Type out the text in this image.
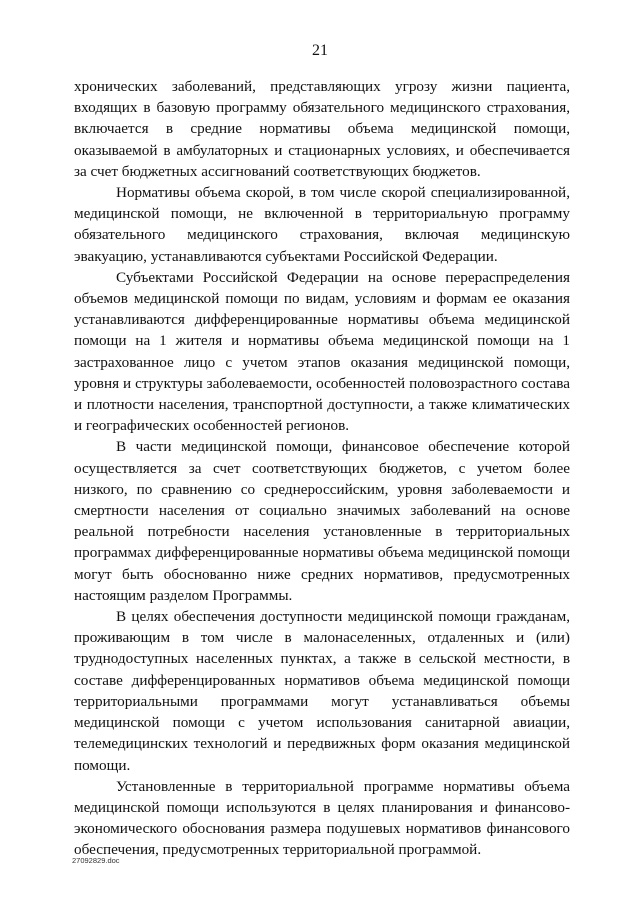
21

хронических заболеваний, представляющих угрозу жизни пациента, входящих в базовую программу обязательного медицинского страхования, включается в средние нормативы объема медицинской помощи, оказываемой в амбулаторных и стационарных условиях, и обеспечивается за счет бюджетных ассигнований соответствующих бюджетов.

Нормативы объема скорой, в том числе скорой специализированной, медицинской помощи, не включенной в территориальную программу обязательного медицинского страхования, включая медицинскую эвакуацию, устанавливаются субъектами Российской Федерации.

Субъектами Российской Федерации на основе перераспределения объемов медицинской помощи по видам, условиям и формам ее оказания устанавливаются дифференцированные нормативы объема медицинской помощи на 1 жителя и нормативы объема медицинской помощи на 1 застрахованное лицо с учетом этапов оказания медицинской помощи, уровня и структуры заболеваемости, особенностей половозрастного состава и плотности населения, транспортной доступности, а также климатических и географических особенностей регионов.

В части медицинской помощи, финансовое обеспечение которой осуществляется за счет соответствующих бюджетов, с учетом более низкого, по сравнению со среднероссийским, уровня заболеваемости и смертности населения от социально значимых заболеваний на основе реальной потребности населения установленные в территориальных программах дифференцированные нормативы объема медицинской помощи могут быть обоснованно ниже средних нормативов, предусмотренных настоящим разделом Программы.

В целях обеспечения доступности медицинской помощи гражданам, проживающим в том числе в малонаселенных, отдаленных и (или) труднодоступных населенных пунктах, а также в сельской местности, в составе дифференцированных нормативов объема медицинской помощи территориальными программами могут устанавливаться объемы медицинской помощи с учетом использования санитарной авиации, телемедицинских технологий и передвижных форм оказания медицинской помощи.

Установленные в территориальной программе нормативы объема медицинской помощи используются в целях планирования и финансово-экономического обоснования размера подушевых нормативов финансового обеспечения, предусмотренных территориальной программой.

27092829.doc
